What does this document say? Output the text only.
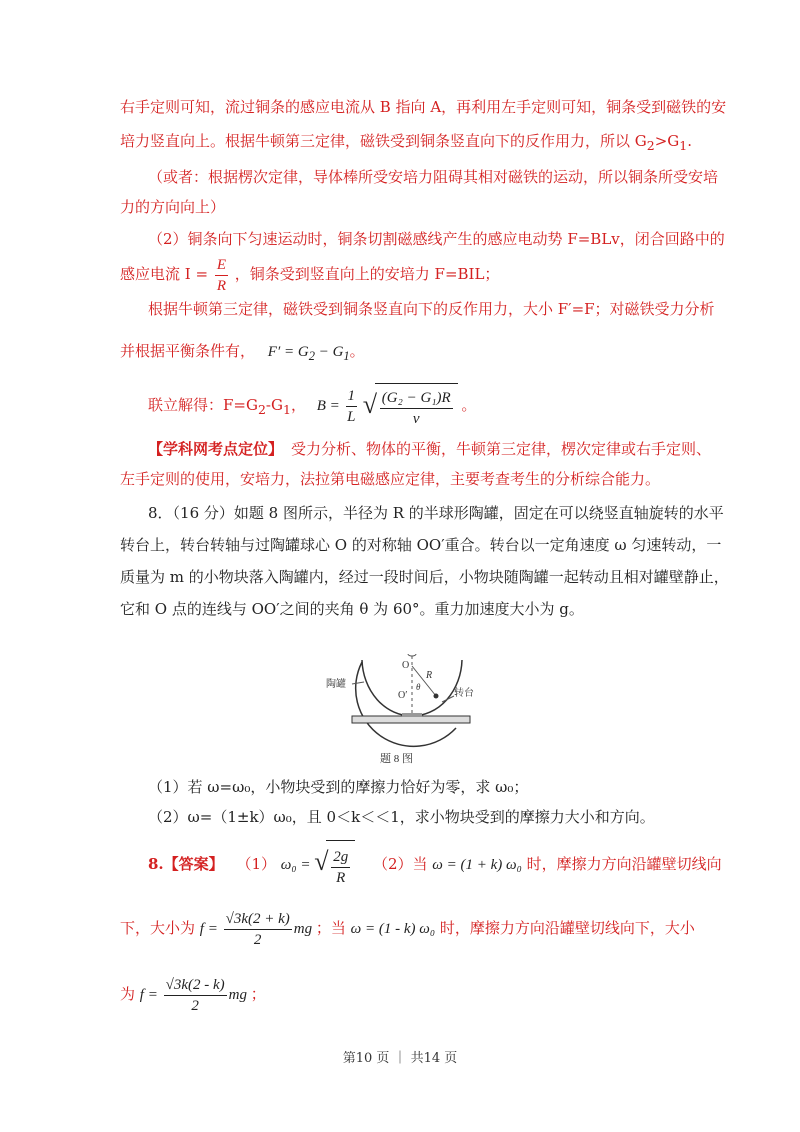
右手定则可知，流过铜条的感应电流从 B 指向 A，再利用左手定则可知，铜条受到磁铁的安
培力竖直向上。根据牛顿第三定律，磁铁受到铜条竖直向下的反作用力，所以 $G_2>G_1$.
（或者：根据楞次定律，导体棒所受安培力阻碍其相对磁铁的运动，所以铜条所受安培
力的方向向上）
（2）铜条向下匀速运动时，铜条切割磁感线产生的感应电动势 F=BLv，闭合回路中的
感应电流 $I = \frac{E}{R}$ ，铜条受到竖直向上的安培力 F=BIL；
根据牛顿第三定律，磁铁受到铜条竖直向下的反作用力，大小 F′=F；对磁铁受力分析
并根据平衡条件有， $F' = G_2 - G_1$。
联立解得：$F=G_2-G_1$， $B = \frac{1}{L}$
√ $\frac{\text{(G₂ − G₁)R}}{v}$ 。
【学科网考点定位】 受力分析、物体的平衡，牛顿第三定律，楞次定律或右手定则、
左手定则的使用，安培力，法拉第电磁感应定律，主要考查考生的分析综合能力。
8．（16 分）如题 8 图所示，半径为 R 的半球形陶罐，固定在可以绕竖直轴旋转的水平
转台上，转台转轴与过陶罐球心 O 的对称轴 OO′重合。转台以一定角速度 ω 匀速转动，一
质量为 m 的小物块落入陶罐内，经过一段时间后，小物块随陶罐一起转动且相对罐壁静止，
它和 O 点的连线与 OO′之间的夹角 θ 为 60°。重力加速度大小为 g。
陶罐
转台
O
R
θ
O′
题 8 图
（1）若 ω=ω₀，小物块受到的摩擦力恰好为零，求 ω₀；
（2）ω=（1±k）ω₀，且 0＜k＜＜1，求小物块受到的摩擦力大小和方向。
8.【答案】 （1） ω₀ = √ $\frac{2g}{R} (2)$当 ω = (1 + k) ω₀ 时，摩擦力方向沿罐壁切线向
下，大小为 $f = \frac{√3k(2 + k)}{2}$ mg ；当 ω = (1 - k) ω₀ 时，摩擦力方向沿罐壁切线向下，大小
为 $f = \frac{√3k(2 - k)}{2}$ mg ；
第10 页 ｜ 共14 页
